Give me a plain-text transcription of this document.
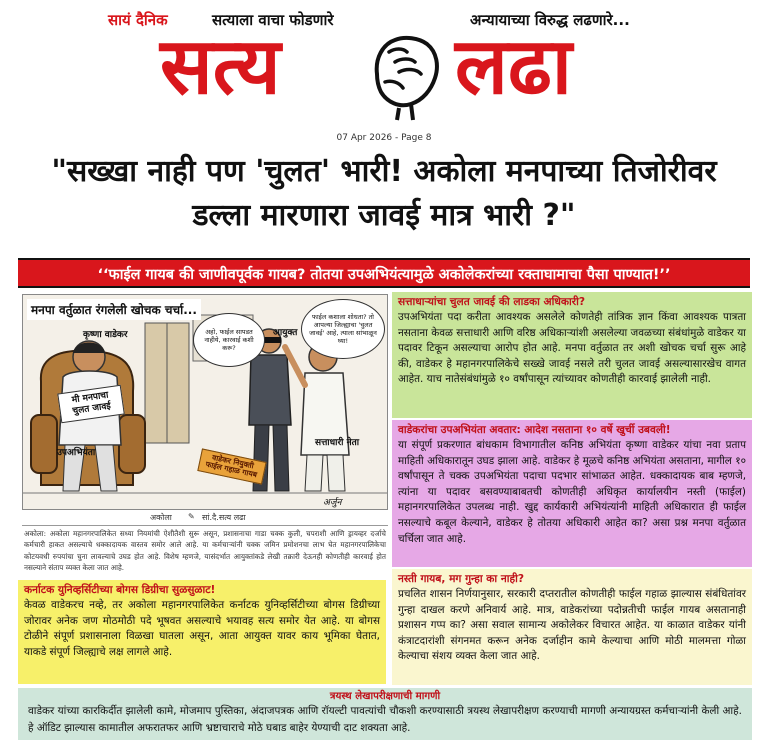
सायं दैनिक	सत्याला वाचा फोडणारे	अन्यायाच्या विरुद्ध लढणारे...
सत्य लढा
07 Apr 2026 - Page 8
"सख्खा नाही पण 'चुलत' भारी! अकोला मनपाच्या तिजोरीवर डल्ला मारणारा जावई मात्र भारी ?"
‘‘फाईल गायब की जाणीवपूर्वक गायब? तोतया उपअभियंत्यामुळे अकोलेकरांच्या रक्ताघामाचा पैसा पाण्यात!’’
मनपा वर्तुळात रंगलेली खोचक चर्चा...
कृष्णा वाडेकर
मी मनपाचा चुलत जावई
उपअभियंता
अहो, फाईल सापडत नाहीये, कारवाई कशी करू?
आयुक्त
फाईल कशाला शोधता? तो आपल्या जिल्ह्याचा 'चुलत जावई' आहे, त्याला सांभाळून घ्या!
सत्ताधारी नेता
वाडेकर नियुक्ती फाईल गहाळ गायब
अर्जुन
अकोला ✎ सां.दै.सत्य लढा
अकोला: अकोला महानगरपालिकेत सध्या नियमांची ऐशीतैशी सुरू असून, प्रशासनाचा गाडा चक्क कुली, चपराशी आणि ड्रायव्हर दर्जाचे कर्मचारी हाकत असल्याचे धक्कादायक वास्तव समोर आले आहे. या कर्मचाऱ्यांनी चक्क जमिन प्रमोशनचा लाभ घेत महानगरपालिकेचा कोटयवधी रुपयांचा चुना लावल्याचे उघड होत आहे. विशेष म्हणजे, यासंदर्भात आयुक्तांकडे लेखी तक्रारी देऊनही कोणतीही कारवाई होत नसल्याने संताप व्यक्त केला जात आहे.
सत्ताधाऱ्यांचा चुलत जावई की लाडका अधिकारी?
उपअभियंता पदा करीता आवश्यक असलेले कोणतेही तांत्रिक ज्ञान किंवा आवश्यक पात्रता नसताना केवळ सत्ताधारी आणि वरिष्ठ अधिकाऱ्यांशी असलेल्या जवळच्या संबंधांमुळे वाडेकर या पदावर टिकून असल्याचा आरोप होत आहे. मनपा वर्तुळात तर अशी खोचक चर्चा सुरू आहे की, वाडेकर हे महानगरपालिकेचे सख्खे जावई नसले तरी चुलत जावई असल्यासारखेच वागत आहेत. याच नातेसंबंधांमुळे १० वर्षांपासून त्यांच्यावर कोणतीही कारवाई झालेली नाही.
वाडेकरांचा उपअभियंता अवतार: आदेश नसताना १० वर्षे खुर्ची उबवली!
या संपूर्ण प्रकरणात बांधकाम विभागातील कनिष्ठ अभियंता कृष्णा वाडेकर यांचा नवा प्रताप माहिती अधिकारातून उघड झाला आहे. वाडेकर हे मूळचे कनिष्ठ अभियंता असताना, मागील १० वर्षांपासून ते चक्क उपअभियंता पदाचा पदभार सांभाळत आहेत. धक्कादायक बाब म्हणजे, त्यांना या पदावर बसवण्याबाबतची कोणतीही अधिकृत कार्यालयीन नस्ती (फाईल) महानगरपालिकेत उपलब्ध नाही. खुद्द कार्यकारी अभियंत्यांनी माहिती अधिकारात ही फाईल नसल्याचे कबूल केल्याने, वाडेकर हे तोतया अधिकारी आहेत का? असा प्रश्न मनपा वर्तुळात चर्चिला जात आहे.
कर्नाटक युनिव्हर्सिटीच्या बोगस डिग्रीचा सुळसुळाट!
केवळ वाडेकरच नव्हे, तर अकोला महानगरपालिकेत कर्नाटक युनिव्हर्सिटीच्या बोगस डिग्रीच्या जोरावर अनेक जण मोठमोठी पदे भूषवत असल्याचे भयावह सत्य समोर येत आहे. या बोगस टोळीने संपूर्ण प्रशासनाला विळखा घातला असून, आता आयुक्त यावर काय भूमिका घेतात, याकडे संपूर्ण जिल्ह्याचे लक्ष लागले आहे.
नस्ती गायब, मग गुन्हा का नाही?
प्रचलित शासन निर्णयानुसार, सरकारी दप्तरातील कोणतीही फाईल गहाळ झाल्यास संबंधितांवर गुन्हा दाखल करणे अनिवार्य आहे. मात्र, वाडेकरांच्या पदोन्नतीची फाईल गायब असतानाही प्रशासन गप्प का? असा सवाल सामान्य अकोलेकर विचारत आहेत. या काळात वाडेकर यांनी कंत्राटदारांशी संगनमत करून अनेक दर्जाहीन कामे केल्याचा आणि मोठी मालमत्ता गोळा केल्याचा संशय व्यक्त केला जात आहे.
त्रयस्थ लेखापरीक्षणाची मागणी
वाडेकर यांच्या कारकिर्दीत झालेली कामे, मोजमाप पुस्तिका, अंदाजपत्रक आणि रॉयल्टी पावत्यांची चौकशी करण्यासाठी त्रयस्थ लेखापरीक्षण करण्याची मागणी अन्यायग्रस्त कर्मचाऱ्यांनी केली आहे. हे ऑडिट झाल्यास कामातील अफरातफर आणि भ्रष्टाचाराचे मोठे घबाड बाहेर येण्याची दाट शक्यता आहे.
